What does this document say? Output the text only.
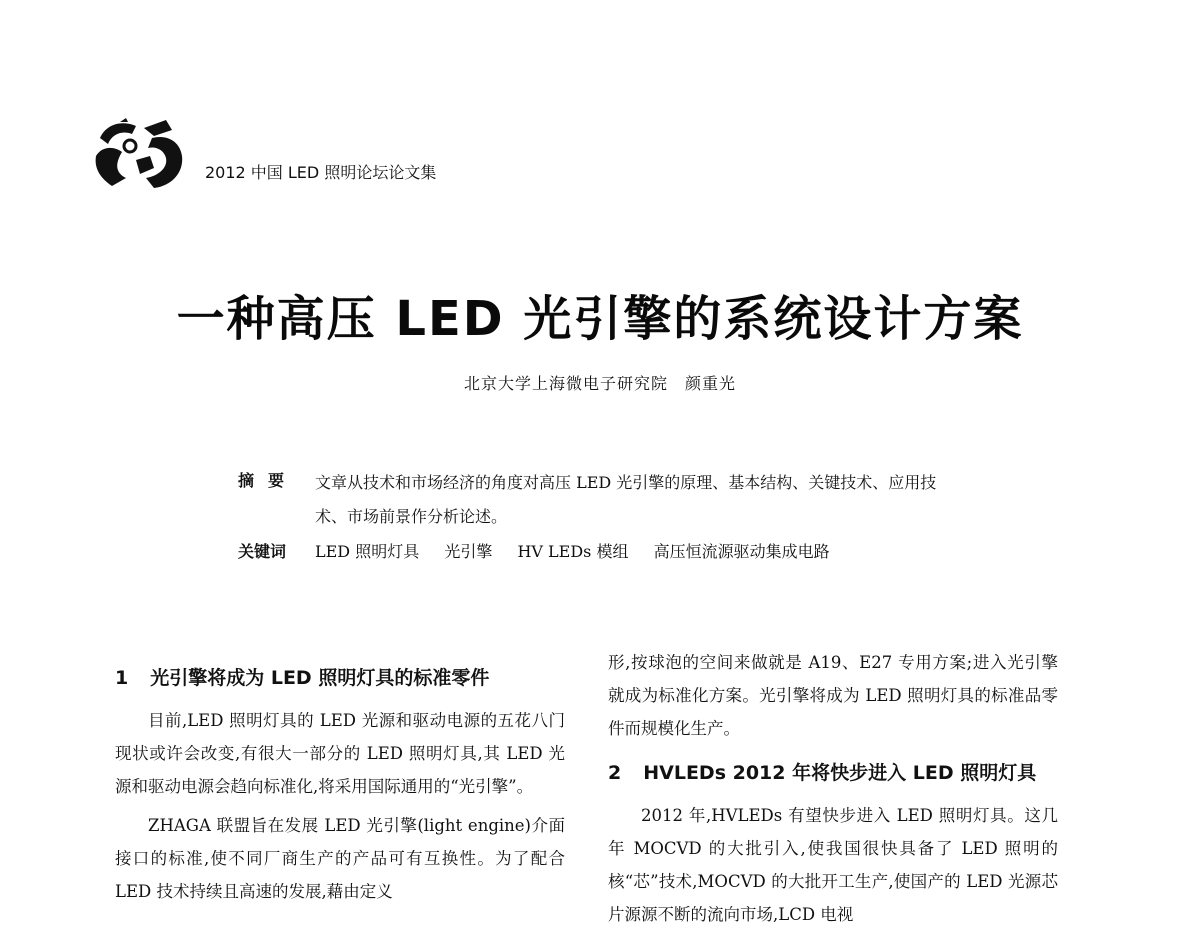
2012 中国 LED 照明论坛论文集
一种高压 LED 光引擎的系统设计方案
北京大学上海微电子研究院　颜重光
摘要 文章从技术和市场经济的角度对高压 LED 光引擎的原理、基本结构、关键技术、应用技术、市场前景作分析论述。

关键词 LED 照明灯具 光引擎 HV LEDs 模组 高压恒流源驱动集成电路
1 光引擎将成为 LED 照明灯具的标准零件

目前,LED 照明灯具的 LED 光源和驱动电源的五花八门现状或许会改变,有很大一部分的 LED 照明灯具,其 LED 光源和驱动电源会趋向标准化,将采用国际通用的“光引擎”。

ZHAGA 联盟旨在发展 LED 光引擎(light engine)介面接口的标准,使不同厂商生产的产品可有互换性。为了配合 LED 技术持续且高速的发展,藉由定义

形,按球泡的空间来做就是 A19、E27 专用方案;进入光引擎就成为标准化方案。光引擎将成为 LED 照明灯具的标准品零件而规模化生产。

2 HVLEDs 2012 年将快步进入 LED 照明灯具

2012 年,HVLEDs 有望快步进入 LED 照明灯具。这几年 MOCVD 的大批引入,使我国很快具备了 LED 照明的核“芯”技术,MOCVD 的大批开工生产,使国产的 LED 光源芯片源源不断的流向市场,LCD 电视
